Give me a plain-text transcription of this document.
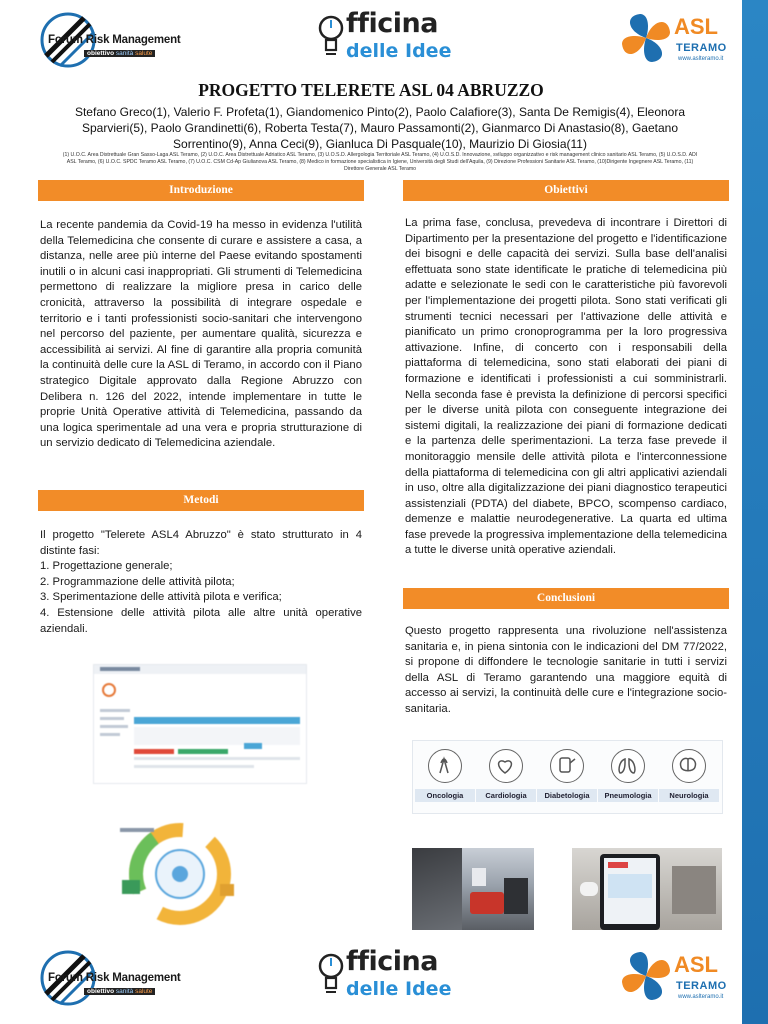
Forum Risk Management
obiettivo sanità salute
fficina
delle Idee
ASL
TERAMO
www.aslteramo.it
PROGETTO TELERETE ASL 04 ABRUZZO
Stefano Greco(1), Valerio F. Profeta(1), Giandomenico Pinto(2), Paolo Calafiore(3), Santa De Remigis(4), Eleonora Sparvieri(5), Paolo Grandinetti(6), Roberta Testa(7), Mauro Passamonti(2), Gianmarco Di Anastasio(8), Gaetano Sorrentino(9), Anna Ceci(9), Gianluca Di Pasquale(10), Maurizio Di Giosia(11)
(1) U.O.C. Area Distrettuale Gran Sasso-Laga ASL Teramo, (2) U.O.C. Area Distrettuale Adriatico ASL Teramo, (3) U.O.S.D. Allergologia Territoriale ASL Teramo, (4) U.O.S.D. Innovazione, sviluppo organizzativo e risk management clinico sanitario ASL Teramo, (5) U.O.S.D. ADI ASL Teramo, (6) U.O.C. SPDC Teramo ASL Teramo, (7) U.O.C. CSM Cd-Ap Giulianova ASL Teramo, (8) Medico in formazione specialistica in Igiene, Università degli Studi dell'Aquila, (9) Direzione Professioni Sanitarie ASL Teramo, (10)Dirigente Ingegnere ASL Teramo, (11) Direttore Generale ASL Teramo
Introduzione

La recente pandemia da Covid-19 ha messo in evidenza l'utilità della Telemedicina che consente di curare e assistere a casa, a distanza, nelle aree più interne del Paese evitando spostamenti inutili o in alcuni casi inappropriati. Gli strumenti di Telemedicina permettono di realizzare la migliore presa in carico delle cronicità, attraverso la possibilità di integrare ospedale e territorio e i tanti professionisti socio-sanitari che intervengono nel percorso del paziente, per aumentare qualità, sicurezza e accessibilità ai servizi. Al fine di garantire alla propria comunità la continuità delle cure la ASL di Teramo, in accordo con il Piano strategico Digitale approvato dalla Regione Abruzzo con Delibera n. 126 del 2022, intende implementare in tutte le proprie Unità Operative attività di Telemedicina, passando da una logica sperimentale ad una vera e propria strutturazione di un servizio dedicato di Telemedicina aziendale.

Metodi

Il progetto "Telerete ASL4 Abruzzo" è stato strutturato in 4 distinte fasi:

1. Progettazione generale;
2. Programmazione delle attività pilota;
3. Sperimentazione delle attività pilota e verifica;
4. Estensione delle attività pilota alle altre unità operative aziendali.
Obiettivi

La prima fase, conclusa, prevedeva di incontrare i Direttori di Dipartimento per la presentazione del progetto e l'identificazione dei bisogni e delle capacità dei servizi. Sulla base dell'analisi effettuata sono state identificate le pratiche di telemedicina più adatte e selezionate le sedi con le caratteristiche più favorevoli per l'implementazione dei progetti pilota. Sono stati verificati gli strumenti tecnici necessari per l'attivazione delle attività e pianificato un primo cronoprogramma per la loro progressiva attivazione. Infine, di concerto con i responsabili della piattaforma di telemedicina, sono stati elaborati dei piani di formazione e identificati i professionisti a cui somministrarli. Nella seconda fase è prevista la definizione di percorsi specifici per le diverse unità pilota con conseguente integrazione dei sistemi digitali, la realizzazione dei piani di formazione dedicati e la partenza delle sperimentazioni. La terza fase prevede il monitoraggio mensile delle attività pilota e l'interconnessione della piattaforma di telemedicina con gli altri applicativi aziendali in uso, oltre alla digitalizzazione dei piani diagnostico terapeutici assistenziali (PDTA) del diabete, BPCO, scompenso cardiaco, demenze e malattie neurodegenerative. La quarta ed ultima fase prevede la progressiva implementazione della telemedicina a tutte le diverse unità operative aziendali.

Conclusioni

Questo progetto rappresenta una rivoluzione nell'assistenza sanitaria e, in piena sintonia con le indicazioni del DM 77/2022, si propone di diffondere le tecnologie sanitarie in tutti i servizi della ASL di Teramo garantendo una maggiore equità di accesso ai servizi, la continuità delle cure e l'integrazione socio-sanitaria.

Oncologia	Cardiologia	Diabetologia	Pneumologia	Neurologia
Forum Risk Management
obiettivo sanità salute
fficina
delle Idee
ASL
TERAMO
www.aslteramo.it
